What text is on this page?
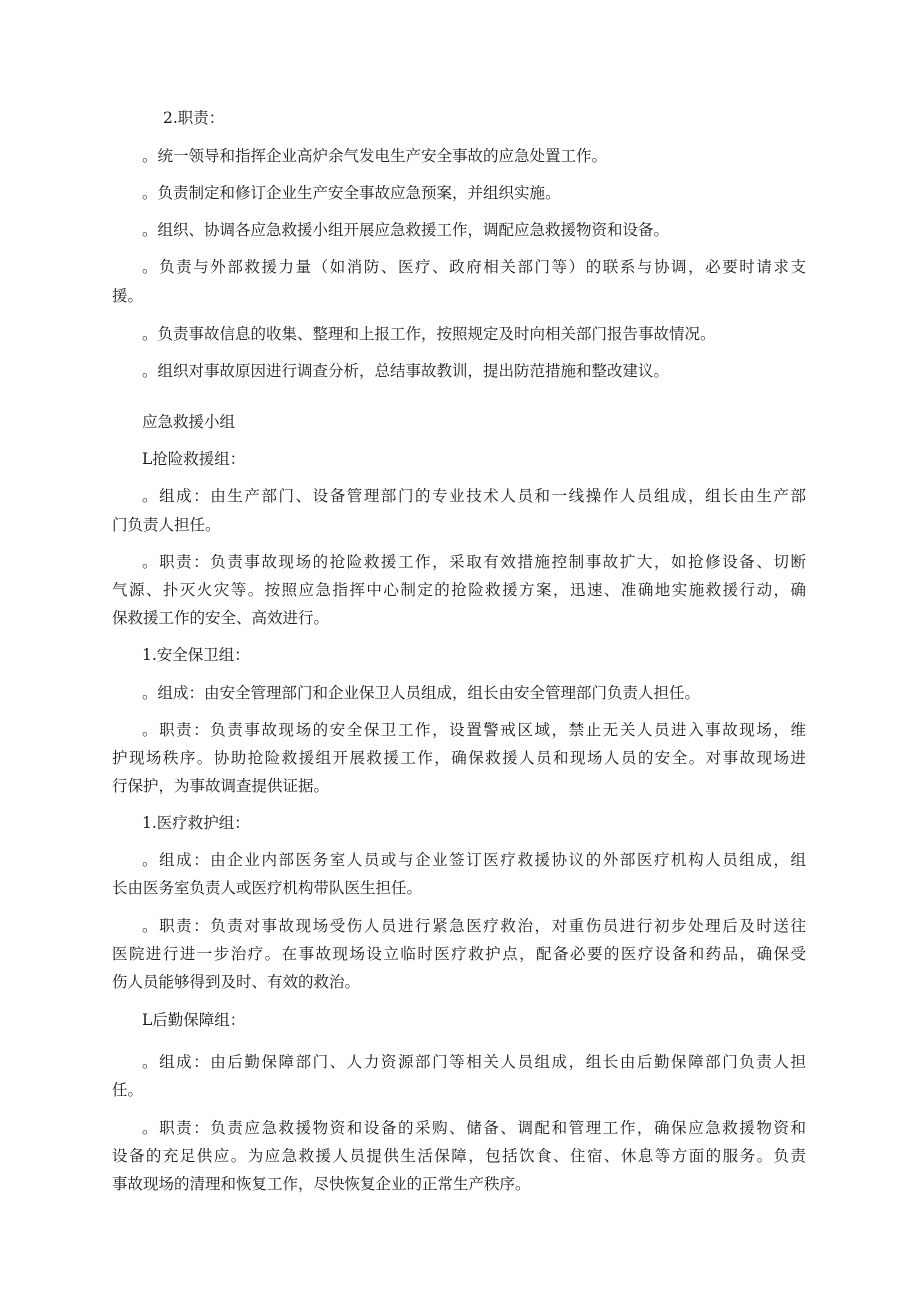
2.职责：

。统一领导和指挥企业高炉余气发电生产安全事故的应急处置工作。

。负责制定和修订企业生产安全事故应急预案，并组织实施。

。组织、协调各应急救援小组开展应急救援工作，调配应急救援物资和设备。

。负责与外部救援力量（如消防、医疗、政府相关部门等）的联系与协调，必要时请求支

援。

。负责事故信息的收集、整理和上报工作，按照规定及时向相关部门报告事故情况。

。组织对事故原因进行调查分析，总结事故教训，提出防范措施和整改建议。

应急救援小组

L抢险救援组：

。组成：由生产部门、设备管理部门的专业技术人员和一线操作人员组成，组长由生产部

门负责人担任。

。职责：负责事故现场的抢险救援工作，采取有效措施控制事故扩大，如抢修设备、切断

气源、扑灭火灾等。按照应急指挥中心制定的抢险救援方案，迅速、准确地实施救援行动，确

保救援工作的安全、高效进行。

1.安全保卫组：

。组成：由安全管理部门和企业保卫人员组成，组长由安全管理部门负责人担任。

。职责：负责事故现场的安全保卫工作，设置警戒区域，禁止无关人员进入事故现场，维

护现场秩序。协助抢险救援组开展救援工作，确保救援人员和现场人员的安全。对事故现场进

行保护，为事故调查提供证据。

1.医疗救护组：

。组成：由企业内部医务室人员或与企业签订医疗救援协议的外部医疗机构人员组成，组

长由医务室负责人或医疗机构带队医生担任。

。职责：负责对事故现场受伤人员进行紧急医疗救治，对重伤员进行初步处理后及时送往

医院进行进一步治疗。在事故现场设立临时医疗救护点，配备必要的医疗设备和药品，确保受

伤人员能够得到及时、有效的救治。

L后勤保障组：

。组成：由后勤保障部门、人力资源部门等相关人员组成，组长由后勤保障部门负责人担

任。

。职责：负责应急救援物资和设备的采购、储备、调配和管理工作，确保应急救援物资和

设备的充足供应。为应急救援人员提供生活保障，包括饮食、住宿、休息等方面的服务。负责

事故现场的清理和恢复工作，尽快恢复企业的正常生产秩序。
